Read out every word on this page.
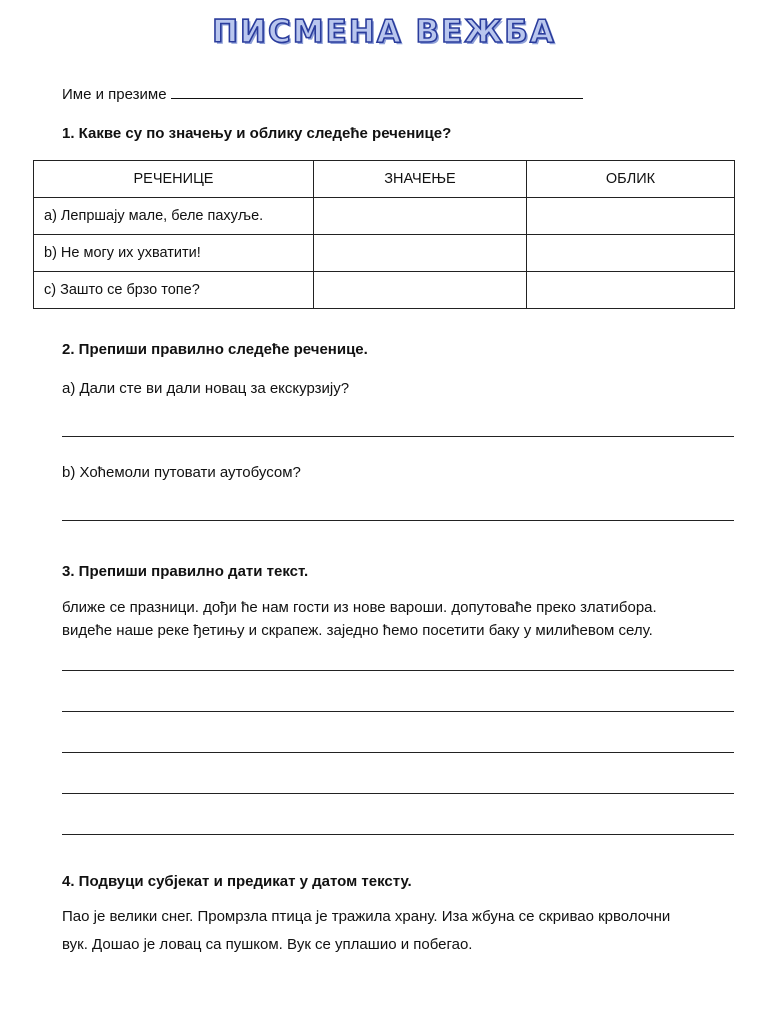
ПИСМЕНА ВЕЖБА
Име и презиме
1. Какве су по значењу и облику следеће реченице?
РЕЧЕНИЦЕ	ЗНАЧЕЊЕ	ОБЛИК
a) Лепршају мале, беле пахуље.		
b) Не могу их ухватити!		
c) Зашто се брзо топе?		
2. Препиши правилно следеће реченице.
a) Дали сте ви дали новац за екскурзију?
b) Хоћемоли путовати аутобусом?
3. Препиши правилно дати текст.
ближе се празници. дођи ће нам гости из нове вароши. допутоваће преко златибора.
видеће наше реке ђетињу и скрапеж. заједно ћемо посетити баку у милићевом селу.
4. Подвуци субјекат и предикат у датом тексту.
Пао је велики снег. Промрзла птица је тражила храну. Иза жбуна се скривао крволочни
вук. Дошао је ловац са пушком. Вук се уплашио и побегао.
